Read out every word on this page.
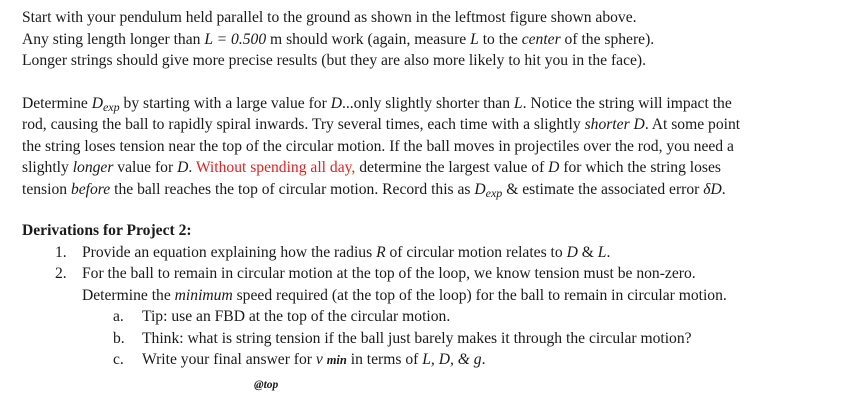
Start with your pendulum held parallel to the ground as shown in the leftmost figure shown above.
Any sting length longer than L = 0.500 m should work (again, measure L to the center of the sphere).
Longer strings should give more precise results (but they are also more likely to hit you in the face).

Determine $D_{exp}$ by starting with a large value for D...only slightly shorter than L. Notice the string will impact the
rod, causing the ball to rapidly spiral inwards. Try several times, each time with a slightly shorter D. At some point
the string loses tension near the top of the circular motion. If the ball moves in projectiles over the rod, you need a
slightly longer value for D. Without spending all day, determine the largest value of D for which the string loses
tension before the ball reaches the top of circular motion. Record this as $D_{exp}$ & estimate the associated error δD.

Derivations for Project 2:

1. Provide an equation explaining how the radius R of circular motion relates to D & L.
2. For the ball to remain in circular motion at the top of the loop, we know tension must be non-zero.
Determine the minimum speed required (at the top of the loop) for the ball to remain in circular motion.
a. Tip: use an FBD at the top of the circular motion.
b. Think: what is string tension if the ball just barely makes it through the circular motion?
c. Write your final answer for v min in terms of L, D, & g.
@top
